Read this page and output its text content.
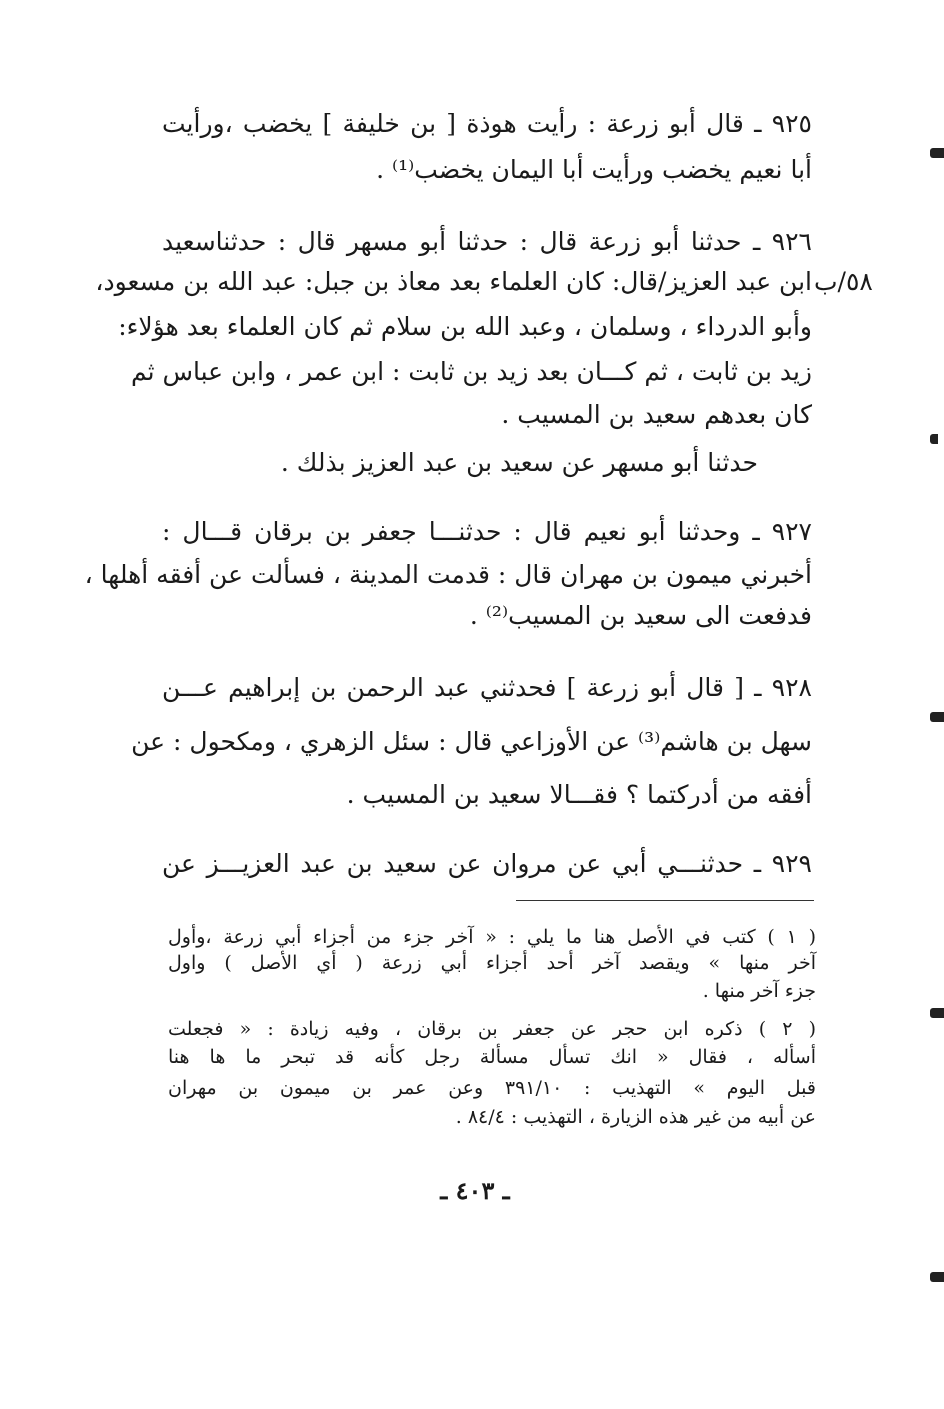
٥٨/ب
٩٢٥ ـ قال أبو زرعة : رأيت هوذة [ بن خليفة ] يخضب ،ورأيت
أبا نعيم يخضب ورأيت أبا اليمان يخضب⁽¹⁾ .
٩٢٦ ـ حدثنا أبو زرعة قال : حدثنا أبو مسهر قال : حدثناسعيد
ابن عبد العزيز/قال: كان العلماء بعد معاذ بن جبل: عبد الله بن مسعود،
وأبو الدرداء ، وسلمان ، وعبد الله بن سلام ثم كان العلماء بعد هؤلاء:
زيد بن ثابت ، ثم كـــان بعد زيد بن ثابت : ابن عمر ، وابن عباس ثم
كان بعدهم سعيد بن المسيب .
حدثنا أبو مسهر عن سعيد بن عبد العزيز بذلك .
٩٢٧ ـ وحدثنا أبو نعيم قال : حدثنـــا جعفر بن برقان قـــال :
أخبرني ميمون بن مهران قال : قدمت المدينة ، فسألت عن أفقه أهلها ،
فدفعت الى سعيد بن المسيب⁽²⁾ .
٩٢٨ ـ [ قال أبو زرعة ] فحدثني عبد الرحمن بن إبراهيم عـــن
سهل بن هاشم⁽³⁾ عن الأوزاعي قال : سئل الزهري ، ومكحول : عن
أفقه من أدركتما ؟ فقـــالا سعيد بن المسيب .
٩٢٩ ـ حدثنـــي أبي عن مروان عن سعيد بن عبد العزيـــز عن
( ١ ) كتب في الأصل هنا ما يلي : « آخر جزء من أجزاء أبي زرعة ،وأول
آخر منها » ويقصد آخر أحد أجزاء أبي زرعة ( أي الأصل ) واول
جزء آخر منها .
( ٢ ) ذكره ابن حجر عن جعفر بن برقان ، وفيه زيادة : « فجعلت
أسأله ، فقال « انك تسأل مسألة رجل كأنه قد تبحر ما ها هنا
قبل اليوم » التهذيب : ٣٩١/١٠ وعن عمر بن ميمون بن مهران
عن أبيه من غير هذه الزيارة ، التهذيب : ٨٤/٤ .
ـ ٤٠٣ ـ
